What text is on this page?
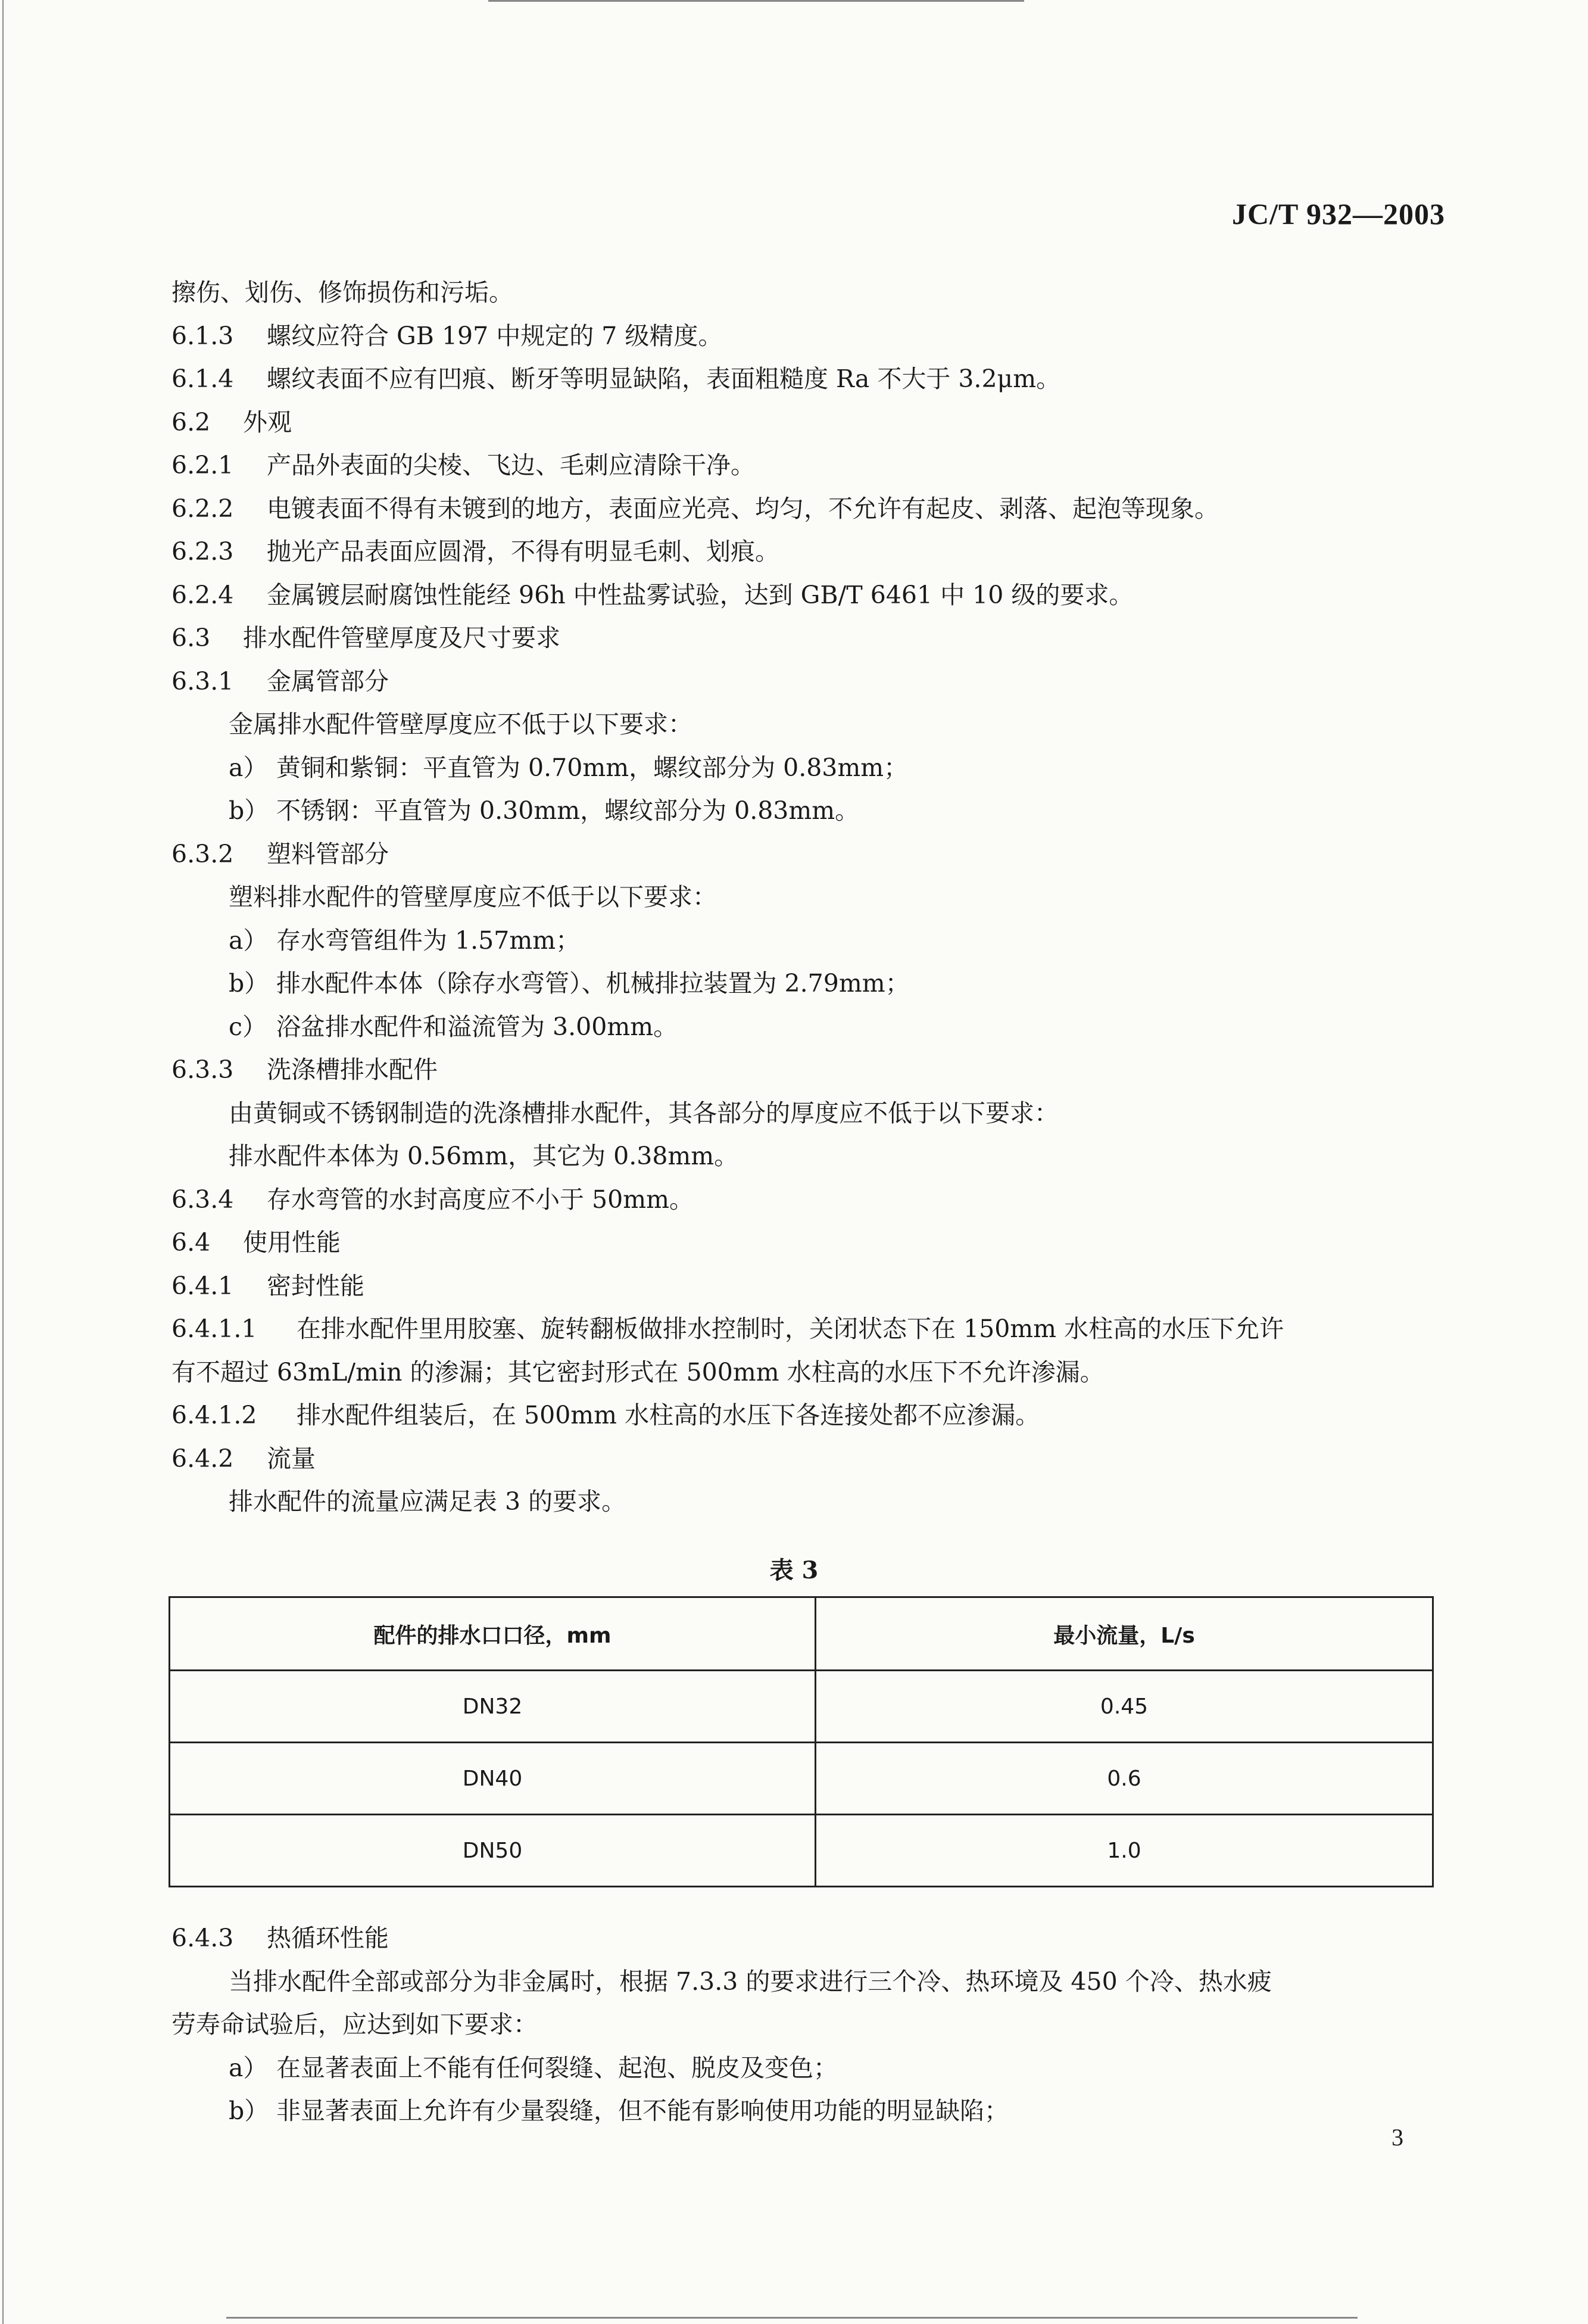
JC/T 932—2003
擦伤、划伤、修饰损伤和污垢。
6.1.3 螺纹应符合 GB 197 中规定的 7 级精度。
6.1.4 螺纹表面不应有凹痕、断牙等明显缺陷，表面粗糙度 Ra 不大于 3.2μm。
6.2 外观
6.2.1 产品外表面的尖棱、飞边、毛刺应清除干净。
6.2.2 电镀表面不得有未镀到的地方，表面应光亮、均匀，不允许有起皮、剥落、起泡等现象。
6.2.3 抛光产品表面应圆滑，不得有明显毛刺、划痕。
6.2.4 金属镀层耐腐蚀性能经 96h 中性盐雾试验，达到 GB/T 6461 中 10 级的要求。
6.3 排水配件管壁厚度及尺寸要求
6.3.1 金属管部分
金属排水配件管壁厚度应不低于以下要求：
a） 黄铜和紫铜：平直管为 0.70mm，螺纹部分为 0.83mm；
b） 不锈钢：平直管为 0.30mm，螺纹部分为 0.83mm。
6.3.2 塑料管部分
塑料排水配件的管壁厚度应不低于以下要求：
a） 存水弯管组件为 1.57mm；
b） 排水配件本体（除存水弯管）、机械排拉装置为 2.79mm；
c） 浴盆排水配件和溢流管为 3.00mm。
6.3.3 洗涤槽排水配件
由黄铜或不锈钢制造的洗涤槽排水配件，其各部分的厚度应不低于以下要求：
排水配件本体为 0.56mm，其它为 0.38mm。
6.3.4 存水弯管的水封高度应不小于 50mm。
6.4 使用性能
6.4.1 密封性能
6.4.1.1 在排水配件里用胶塞、旋转翻板做排水控制时，关闭状态下在 150mm 水柱高的水压下允许
有不超过 63mL/min 的渗漏；其它密封形式在 500mm 水柱高的水压下不允许渗漏。
6.4.1.2 排水配件组装后，在 500mm 水柱高的水压下各连接处都不应渗漏。
6.4.2 流量
排水配件的流量应满足表 3 的要求。
表 3
配件的排水口口径，mm	最小流量，L/s
DN32	0.45
DN40	0.6
DN50	1.0
6.4.3 热循环性能
当排水配件全部或部分为非金属时，根据 7.3.3 的要求进行三个冷、热环境及 450 个冷、热水疲
劳寿命试验后，应达到如下要求：
a） 在显著表面上不能有任何裂缝、起泡、脱皮及变色；
b） 非显著表面上允许有少量裂缝，但不能有影响使用功能的明显缺陷；
3
